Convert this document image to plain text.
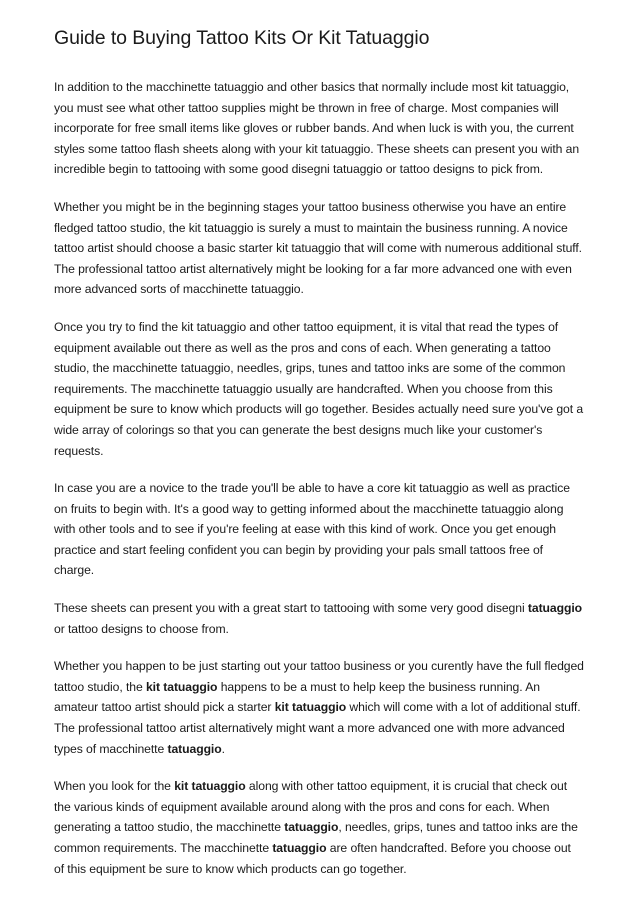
Guide to Buying Tattoo Kits Or Kit Tatuaggio

In addition to the macchinette tatuaggio and other basics that normally include most kit tatuaggio, you must see what other tattoo supplies might be thrown in free of charge. Most companies will incorporate for free small items like gloves or rubber bands. And when luck is with you, the current styles some tattoo flash sheets along with your kit tatuaggio. These sheets can present you with an incredible begin to tattooing with some good disegni tatuaggio or tattoo designs to pick from.

Whether you might be in the beginning stages your tattoo business otherwise you have an entire fledged tattoo studio, the kit tatuaggio is surely a must to maintain the business running. A novice tattoo artist should choose a basic starter kit tatuaggio that will come with numerous additional stuff. The professional tattoo artist alternatively might be looking for a far more advanced one with even more advanced sorts of macchinette tatuaggio.

Once you try to find the kit tatuaggio and other tattoo equipment, it is vital that read the types of equipment available out there as well as the pros and cons of each. When generating a tattoo studio, the macchinette tatuaggio, needles, grips, tunes and tattoo inks are some of the common requirements. The macchinette tatuaggio usually are handcrafted. When you choose from this equipment be sure to know which products will go together. Besides actually need sure you've got a wide array of colorings so that you can generate the best designs much like your customer's requests.

In case you are a novice to the trade you'll be able to have a core kit tatuaggio as well as practice on fruits to begin with. It's a good way to getting informed about the macchinette tatuaggio along with other tools and to see if you're feeling at ease with this kind of work. Once you get enough practice and start feeling confident you can begin by providing your pals small tattoos free of charge.

These sheets can present you with a great start to tattooing with some very good disegni tatuaggio or tattoo designs to choose from.

Whether you happen to be just starting out your tattoo business or you curently have the full fledged tattoo studio, the kit tatuaggio happens to be a must to help keep the business running. An amateur tattoo artist should pick a starter kit tatuaggio which will come with a lot of additional stuff. The professional tattoo artist alternatively might want a more advanced one with more advanced types of macchinette tatuaggio.

When you look for the kit tatuaggio along with other tattoo equipment, it is crucial that check out the various kinds of equipment available around along with the pros and cons for each. When generating a tattoo studio, the macchinette tatuaggio, needles, grips, tunes and tattoo inks are the common requirements. The macchinette tatuaggio are often handcrafted. Before you choose out of this equipment be sure to know which products can go together.
